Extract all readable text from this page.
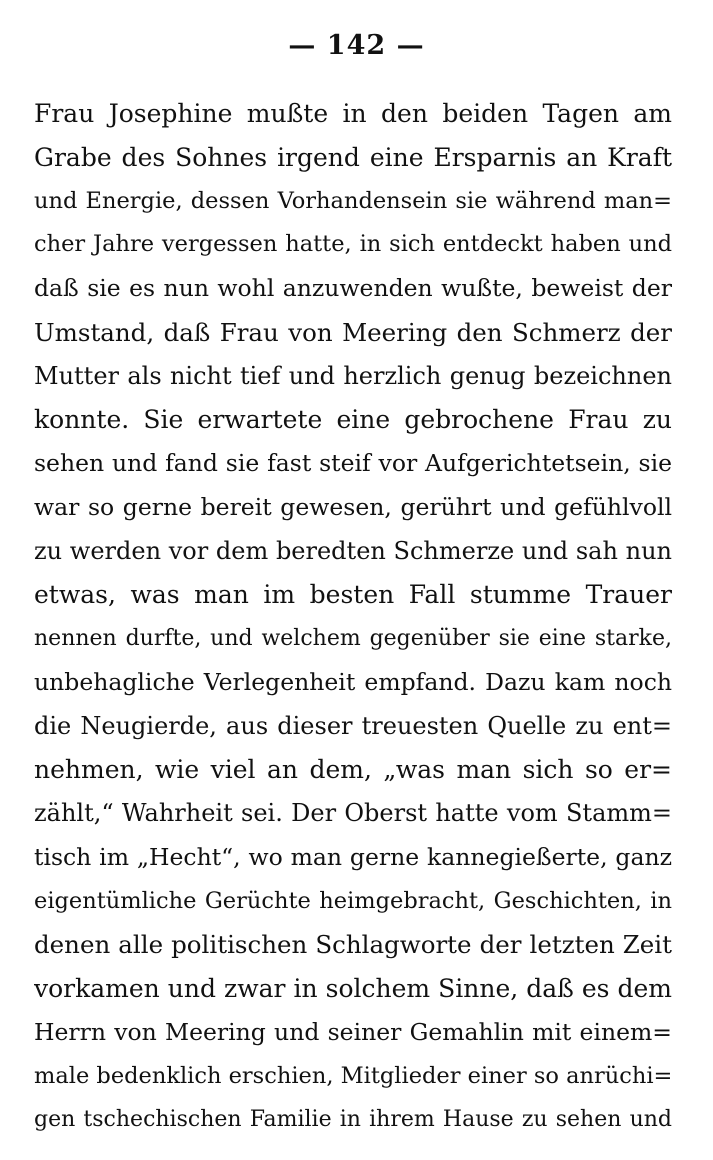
— 142 —
Frau Josephine mußte in den beiden Tagen am
Grabe des Sohnes irgend eine Ersparnis an Kraft
und Energie, dessen Vorhandensein sie während man=
cher Jahre vergessen hatte, in sich entdeckt haben und
daß sie es nun wohl anzuwenden wußte, beweist der
Umstand, daß Frau von Meering den Schmerz der
Mutter als nicht tief und herzlich genug bezeichnen
konnte. Sie erwartete eine gebrochene Frau zu
sehen und fand sie fast steif vor Aufgerichtetsein, sie
war so gerne bereit gewesen, gerührt und gefühlvoll
zu werden vor dem beredten Schmerze und sah nun
etwas, was man im besten Fall stumme Trauer
nennen durfte, und welchem gegenüber sie eine starke,
unbehagliche Verlegenheit empfand. Dazu kam noch
die Neugierde, aus dieser treuesten Quelle zu ent=
nehmen, wie viel an dem, „was man sich so er=
zählt,“ Wahrheit sei. Der Oberst hatte vom Stamm=
tisch im „Hecht“, wo man gerne kannegießerte, ganz
eigentümliche Gerüchte heimgebracht, Geschichten, in
denen alle politischen Schlagworte der letzten Zeit
vorkamen und zwar in solchem Sinne, daß es dem
Herrn von Meering und seiner Gemahlin mit einem=
male bedenklich erschien, Mitglieder einer so anrüchi=
gen tschechischen Familie in ihrem Hause zu sehen und
